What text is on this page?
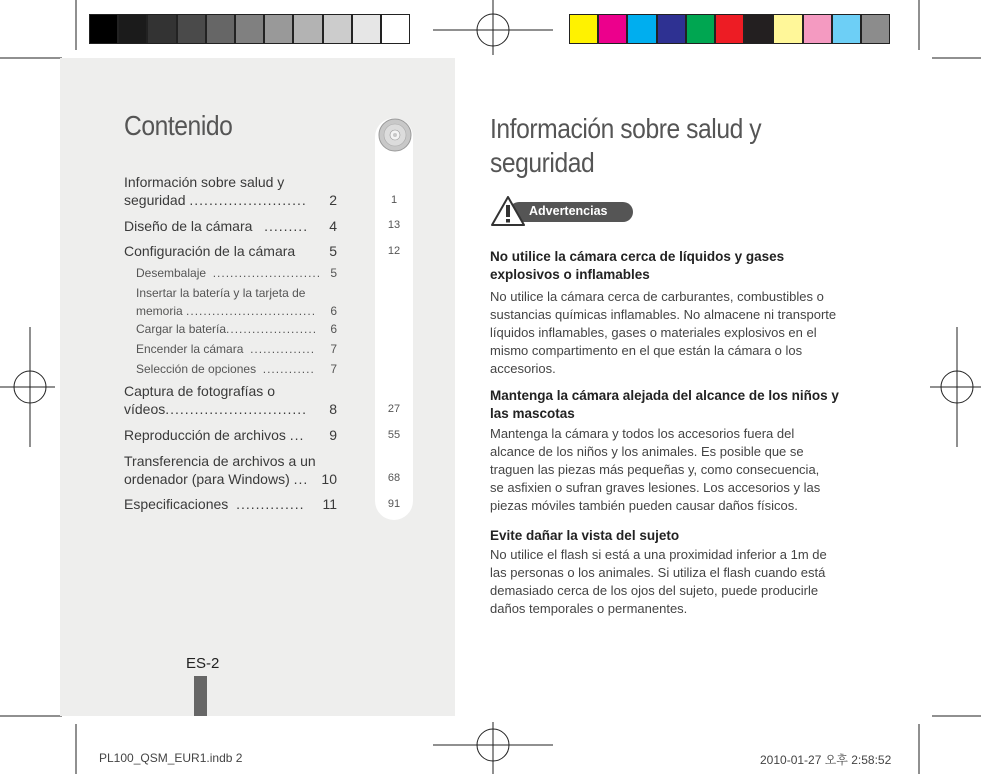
Contenido
Información sobre salud y
seguridad ........................	2
Diseño de la cámara ......... 4
Configuración de la cámara 5
Desembalaje ......................... 5
Insertar la batería y la tarjeta de
memoria ..............................	6
Cargar la batería..................... 6
Encender la cámara ............... 7
Selección de opciones ............ 7
Captura de fotografías o
vídeos.............................	8
Reproducción de archivos ... 9
Transferencia de archivos a un
ordenador (para Windows) ... 10
Especificaciones .............. 11
1
13
12
27
55
68
91
ES-2
Información sobre salud y
seguridad
Advertencias
No utilice la cámara cerca de líquidos y gases
explosivos o inflamables
No utilice la cámara cerca de carburantes, combustibles o
sustancias químicas inflamables. No almacene ni transporte
líquidos inflamables, gases o materiales explosivos en el
mismo compartimento en el que están la cámara o los
accesorios.
Mantenga la cámara alejada del alcance de los niños y
las mascotas
Mantenga la cámara y todos los accesorios fuera del
alcance de los niños y los animales. Es posible que se
traguen las piezas más pequeñas y, como consecuencia,
se asfixien o sufran graves lesiones. Los accesorios y las
piezas móviles también pueden causar daños físicos.
Evite dañar la vista del sujeto
No utilice el flash si está a una proximidad inferior a 1m de
las personas o los animales. Si utiliza el flash cuando está
demasiado cerca de los ojos del sujeto, puede producirle
daños temporales o permanentes.
PL100_QSM_EUR1.indb 2	2010-01-27 오후 2:58:52
